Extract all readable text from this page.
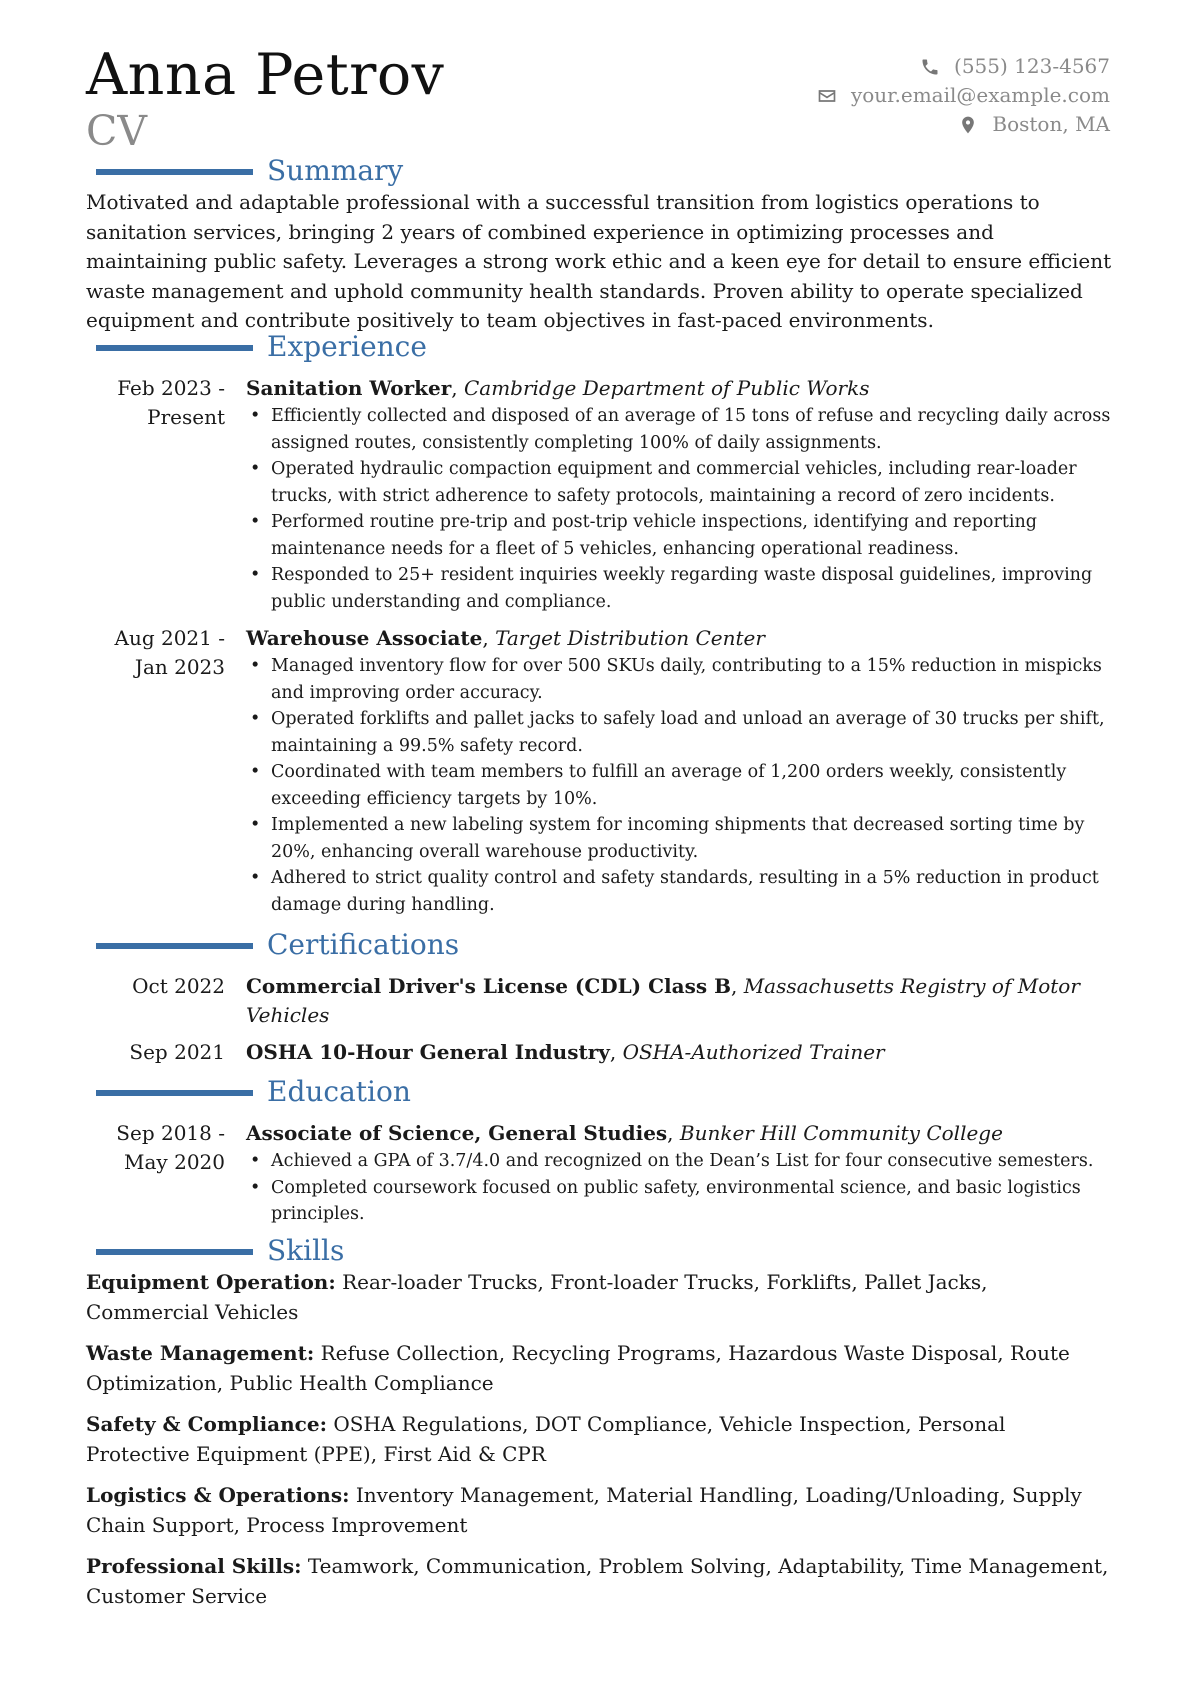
Anna Petrov
CV
(555) 123-4567
your.email@example.com
Boston, MA
Summary

Motivated and adaptable professional with a successful transition from logistics operations to sanitation services, bringing 2 years of combined experience in optimizing processes and maintaining public safety. Leverages a strong work ethic and a keen eye for detail to ensure efficient waste management and uphold community health standards. Proven ability to operate specialized equipment and contribute positively to team objectives in fast-paced environments.

Experience
Feb 2023 - Present
Sanitation Worker, Cambridge Department of Public Works
• Efficiently collected and disposed of an average of 15 tons of refuse and recycling daily across assigned routes, consistently completing 100% of daily assignments.
• Operated hydraulic compaction equipment and commercial vehicles, including rear-loader trucks, with strict adherence to safety protocols, maintaining a record of zero incidents.
• Performed routine pre-trip and post-trip vehicle inspections, identifying and reporting maintenance needs for a fleet of 5 vehicles, enhancing operational readiness.
• Responded to 25+ resident inquiries weekly regarding waste disposal guidelines, improving public understanding and compliance.
Aug 2021 - Jan 2023
Warehouse Associate, Target Distribution Center
• Managed inventory flow for over 500 SKUs daily, contributing to a 15% reduction in mispicks and improving order accuracy.
• Operated forklifts and pallet jacks to safely load and unload an average of 30 trucks per shift, maintaining a 99.5% safety record.
• Coordinated with team members to fulfill an average of 1,200 orders weekly, consistently exceeding efficiency targets by 10%.
• Implemented a new labeling system for incoming shipments that decreased sorting time by 20%, enhancing overall warehouse productivity.
• Adhered to strict quality control and safety standards, resulting in a 5% reduction in product damage during handling.
Certifications
Oct 2022	Commercial Driver's License (CDL) Class B, Massachusetts Registry of Motor Vehicles
Sep 2021	OSHA 10-Hour General Industry, OSHA-Authorized Trainer
Education
Sep 2018 - May 2020
Associate of Science, General Studies, Bunker Hill Community College
• Achieved a GPA of 3.7/4.0 and recognized on the Dean’s List for four consecutive semesters.
• Completed coursework focused on public safety, environmental science, and basic logistics principles.
Skills

Equipment Operation: Rear-loader Trucks, Front-loader Trucks, Forklifts, Pallet Jacks, Commercial Vehicles

Waste Management: Refuse Collection, Recycling Programs, Hazardous Waste Disposal, Route Optimization, Public Health Compliance

Safety & Compliance: OSHA Regulations, DOT Compliance, Vehicle Inspection, Personal Protective Equipment (PPE), First Aid & CPR

Logistics & Operations: Inventory Management, Material Handling, Loading/Unloading, Supply Chain Support, Process Improvement

Professional Skills: Teamwork, Communication, Problem Solving, Adaptability, Time Management, Customer Service
